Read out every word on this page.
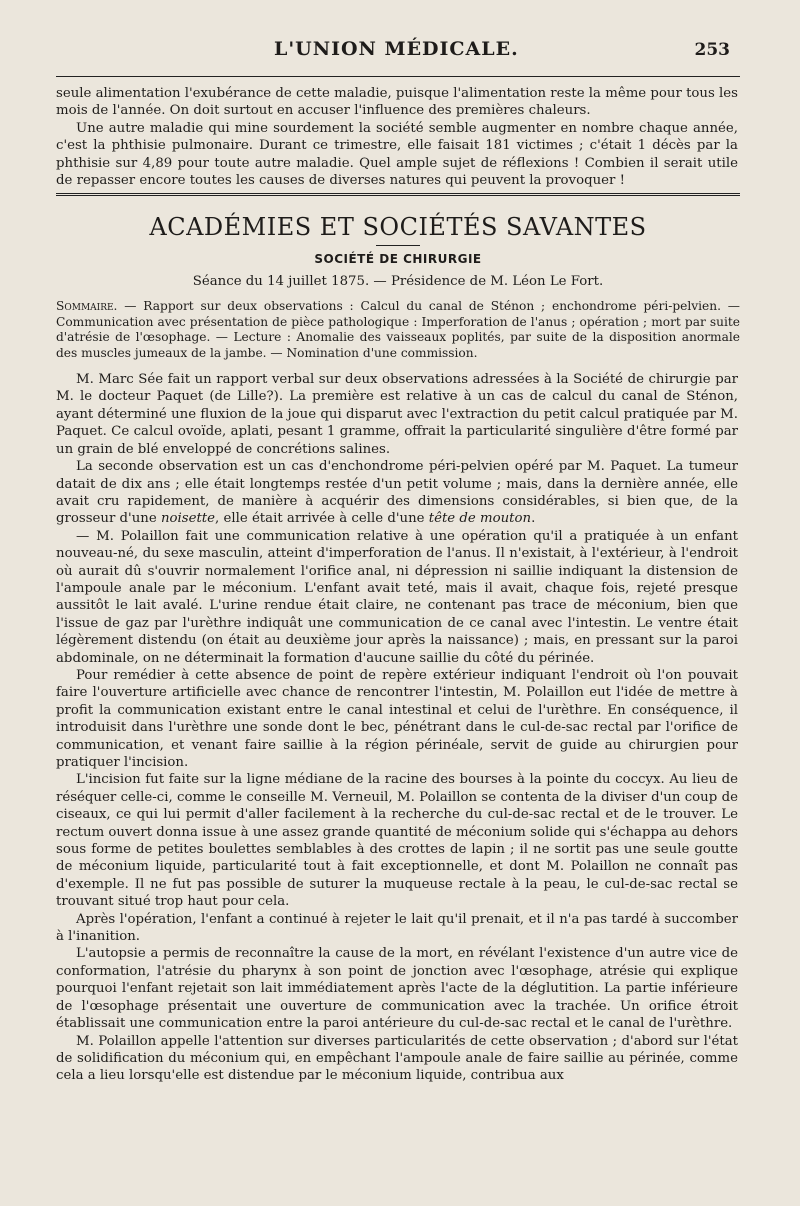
L'UNION MÉDICALE.	253

seule alimentation l'exubérance de cette maladie, puisque l'alimentation reste la même pour tous les mois de l'année. On doit surtout en accuser l'influence des premières chaleurs.

Une autre maladie qui mine sourdement la société semble augmenter en nombre chaque année, c'est la phthisie pulmonaire. Durant ce trimestre, elle faisait 181 victimes ; c'était 1 décès par la phthisie sur 4,89 pour toute autre maladie. Quel ample sujet de réflexions ! Combien il serait utile de repasser encore toutes les causes de diverses natures qui peuvent la provoquer !

ACADÉMIES ET SOCIÉTÉS SAVANTES
SOCIÉTÉ DE CHIRURGIE
Séance du 14 juillet 1875. — Présidence de M. Léon Le Fort.

Sommaire. — Rapport sur deux observations : Calcul du canal de Sténon ; enchondrome péri-pelvien. — Communication avec présentation de pièce pathologique : Imperforation de l'anus ; opération ; mort par suite d'atrésie de l'œsophage. — Lecture : Anomalie des vaisseaux poplités, par suite de la disposition anormale des muscles jumeaux de la jambe. — Nomination d'une commission.

M. Marc Sée fait un rapport verbal sur deux observations adressées à la Société de chirurgie par M. le docteur Paquet (de Lille?). La première est relative à un cas de calcul du canal de Sténon, ayant déterminé une fluxion de la joue qui disparut avec l'extraction du petit calcul pratiquée par M. Paquet. Ce calcul ovoïde, aplati, pesant 1 gramme, offrait la particularité singulière d'être formé par un grain de blé enveloppé de concrétions salines.

La seconde observation est un cas d'enchondrome péri-pelvien opéré par M. Paquet. La tumeur datait de dix ans ; elle était longtemps restée d'un petit volume ; mais, dans la dernière année, elle avait cru rapidement, de manière à acquérir des dimensions considérables, si bien que, de la grosseur d'une noisette, elle était arrivée à celle d'une tête de mouton.

— M. Polaillon fait une communication relative à une opération qu'il a pratiquée à un enfant nouveau-né, du sexe masculin, atteint d'imperforation de l'anus. Il n'existait, à l'extérieur, à l'endroit où aurait dû s'ouvrir normalement l'orifice anal, ni dépression ni saillie indiquant la distension de l'ampoule anale par le méconium. L'enfant avait teté, mais il avait, chaque fois, rejeté presque aussitôt le lait avalé. L'urine rendue était claire, ne contenant pas trace de méconium, bien que l'issue de gaz par l'urèthre indiquât une communication de ce canal avec l'intestin. Le ventre était légèrement distendu (on était au deuxième jour après la naissance) ; mais, en pressant sur la paroi abdominale, on ne déterminait la formation d'aucune saillie du côté du périnée.

Pour remédier à cette absence de point de repère extérieur indiquant l'endroit où l'on pouvait faire l'ouverture artificielle avec chance de rencontrer l'intestin, M. Polaillon eut l'idée de mettre à profit la communication existant entre le canal intestinal et celui de l'urèthre. En conséquence, il introduisit dans l'urèthre une sonde dont le bec, pénétrant dans le cul-de-sac rectal par l'orifice de communication, et venant faire saillie à la région périnéale, servit de guide au chirurgien pour pratiquer l'incision.

L'incision fut faite sur la ligne médiane de la racine des bourses à la pointe du coccyx. Au lieu de réséquer celle-ci, comme le conseille M. Verneuil, M. Polaillon se contenta de la diviser d'un coup de ciseaux, ce qui lui permit d'aller facilement à la recherche du cul-de-sac rectal et de le trouver. Le rectum ouvert donna issue à une assez grande quantité de méconium solide qui s'échappa au dehors sous forme de petites boulettes semblables à des crottes de lapin ; il ne sortit pas une seule goutte de méconium liquide, particularité tout à fait exceptionnelle, et dont M. Polaillon ne connaît pas d'exemple. Il ne fut pas possible de suturer la muqueuse rectale à la peau, le cul-de-sac rectal se trouvant situé trop haut pour cela.

Après l'opération, l'enfant a continué à rejeter le lait qu'il prenait, et il n'a pas tardé à succomber à l'inanition.

L'autopsie a permis de reconnaître la cause de la mort, en révélant l'existence d'un autre vice de conformation, l'atrésie du pharynx à son point de jonction avec l'œsophage, atrésie qui explique pourquoi l'enfant rejetait son lait immédiatement après l'acte de la déglutition. La partie inférieure de l'œsophage présentait une ouverture de communication avec la trachée. Un orifice étroit établissait une communication entre la paroi antérieure du cul-de-sac rectal et le canal de l'urèthre.

M. Polaillon appelle l'attention sur diverses particularités de cette observation ; d'abord sur l'état de solidification du méconium qui, en empêchant l'ampoule anale de faire saillie au périnée, comme cela a lieu lorsqu'elle est distendue par le méconium liquide, contribua aux
